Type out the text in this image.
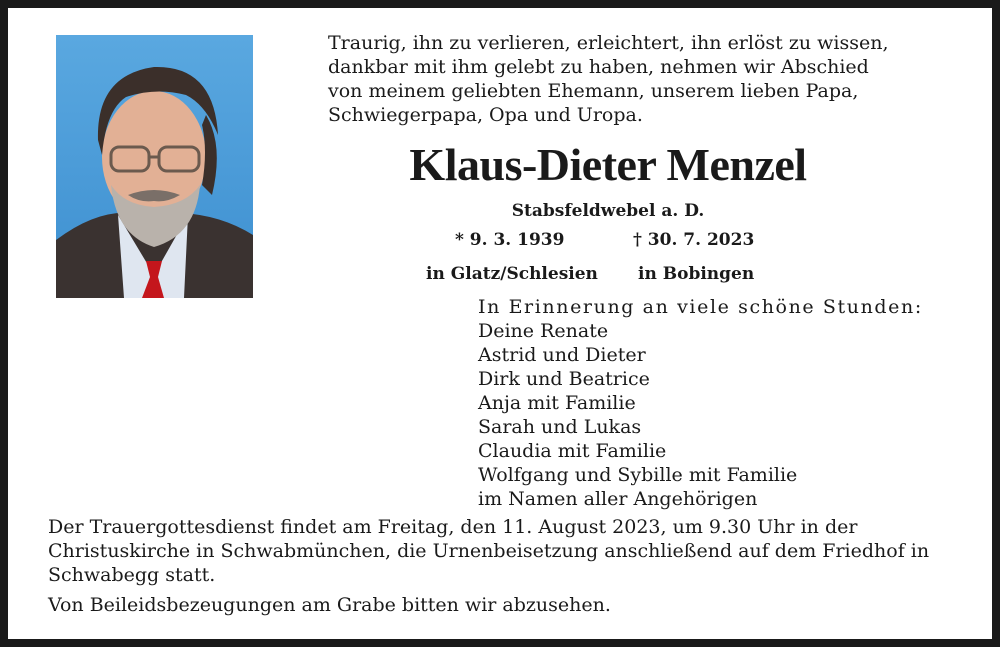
Traurig, ihn zu verlieren, erleichtert, ihn erlöst zu wissen,
dankbar mit ihm gelebt zu haben, nehmen wir Abschied
von meinem geliebten Ehemann, unserem lieben Papa,
Schwiegerpapa, Opa und Uropa.
Klaus-Dieter Menzel
Stabsfeldwebel a. D.
* 9. 3. 1939	† 30. 7. 2023
in Glatz/Schlesien in Bobingen
In Erinnerung an viele schöne Stunden:
Deine Renate
Astrid und Dieter
Dirk und Beatrice
Anja mit Familie
Sarah und Lukas
Claudia mit Familie
Wolfgang und Sybille mit Familie
im Namen aller Angehörigen
Der Trauergottesdienst findet am Freitag, den 11. August 2023, um 9.30 Uhr in der Christuskirche in Schwabmünchen, die Urnenbeisetzung anschließend auf dem Friedhof in Schwabegg statt.
Von Beileidsbezeugungen am Grabe bitten wir abzusehen.
